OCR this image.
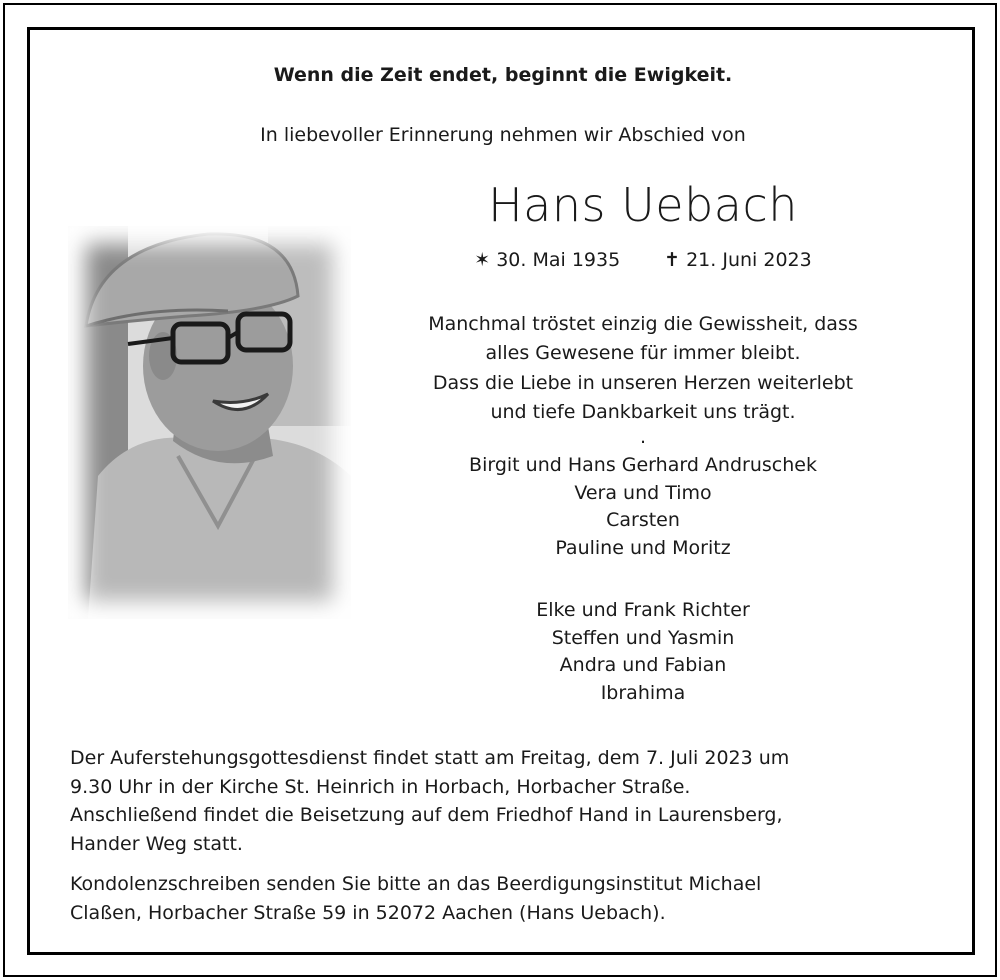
Wenn die Zeit endet, beginnt die Ewigkeit.
In liebevoller Erinnerung nehmen wir Abschied von
Hans Uebach
✶ 30. Mai 1935 ✝ 21. Juni 2023
Manchmal tröstet einzig die Gewissheit, dass
alles Gewesene für immer bleibt.
Dass die Liebe in unseren Herzen weiterlebt
und tiefe Dankbarkeit uns trägt.
.
Birgit und Hans Gerhard Andruschek
Vera und Timo
Carsten
Pauline und Moritz
Elke und Frank Richter
Steffen und Yasmin
Andra und Fabian
Ibrahima
Der Auferstehungsgottesdienst findet statt am Freitag, dem 7. Juli 2023 um
9.30 Uhr in der Kirche St. Heinrich in Horbach, Horbacher Straße.
Anschließend findet die Beisetzung auf dem Friedhof Hand in Laurensberg,
Hander Weg statt.
Kondolenzschreiben senden Sie bitte an das Beerdigungsinstitut Michael
Claßen, Horbacher Straße 59 in 52072 Aachen (Hans Uebach).
